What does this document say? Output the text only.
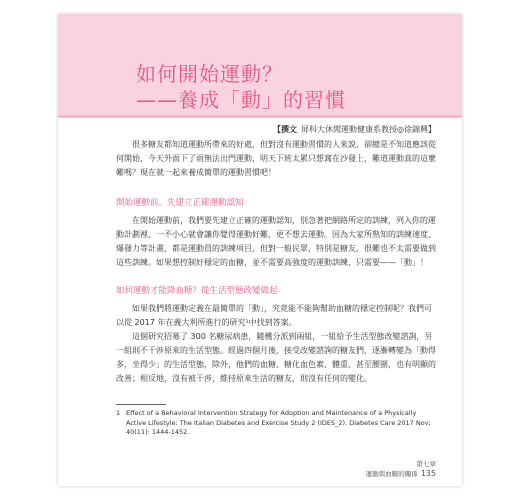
如何開始運動？
——養成「動」的習慣
【撰文 屏科大休閒運動健康系教授◎徐錦興】

很多糖友都知道運動所帶來的好處，但對沒有運動習慣的人來說，卻總是不知道應該從何開始，今天外面下了雨無法出門運動，明天下班太累只想窩在沙發上，難道運動真的這麼難嗎？現在就一起來養成簡單的運動習慣吧！

開始運動前，先建立正確運動認知

在開始運動前，我們要先建立正確的運動認知，別急著把網路所定的訓練，列入你的運動計劃裡，一不小心就會讓你覺得運動好難，更不想去運動。因為大家所熟知的訓練速度、爆發力等計畫，都是運動員的訓練項目，但對一般民眾，特別是糖友，很難也不太需要做到這些訓練。如果想控制好穩定的血糖，並不需要高強度的運動訓練，只需要——「動」！

如何運動才能降血糖？從生活型態改變做起

如果我們將運動定義在最簡單的「動」，究竟能不能夠幫助血糖的穩定控制呢？我們可以從 2017 年在義大利所進行的研究¹中找到答案。

這個研究招募了 300 名糖尿病患，隨機分派到兩組，一組給予生活型態改變諮詢，另一組則不干涉原來的生活型態。經過四個月後，接受改變諮詢的糖友們，逐漸轉變為「動得多，坐得少」的生活型態，除外，他們的血糖、糖化血色素、體重、甚至腰圍，也有明顯的改善；相反地，沒有被干涉，維持原來生活的糖友，則沒有任何的變化。

1 Effect of a Behavioral Intervention Strategy for Adoption and Maintenance of a Physically Active Lifestyle: The Italian Diabetes and Exercise Study 2 (IDES_2). Diabetes Care 2017 Nov; 40(11): 1444-1452.
第七章
運動與血糖的關係 135
